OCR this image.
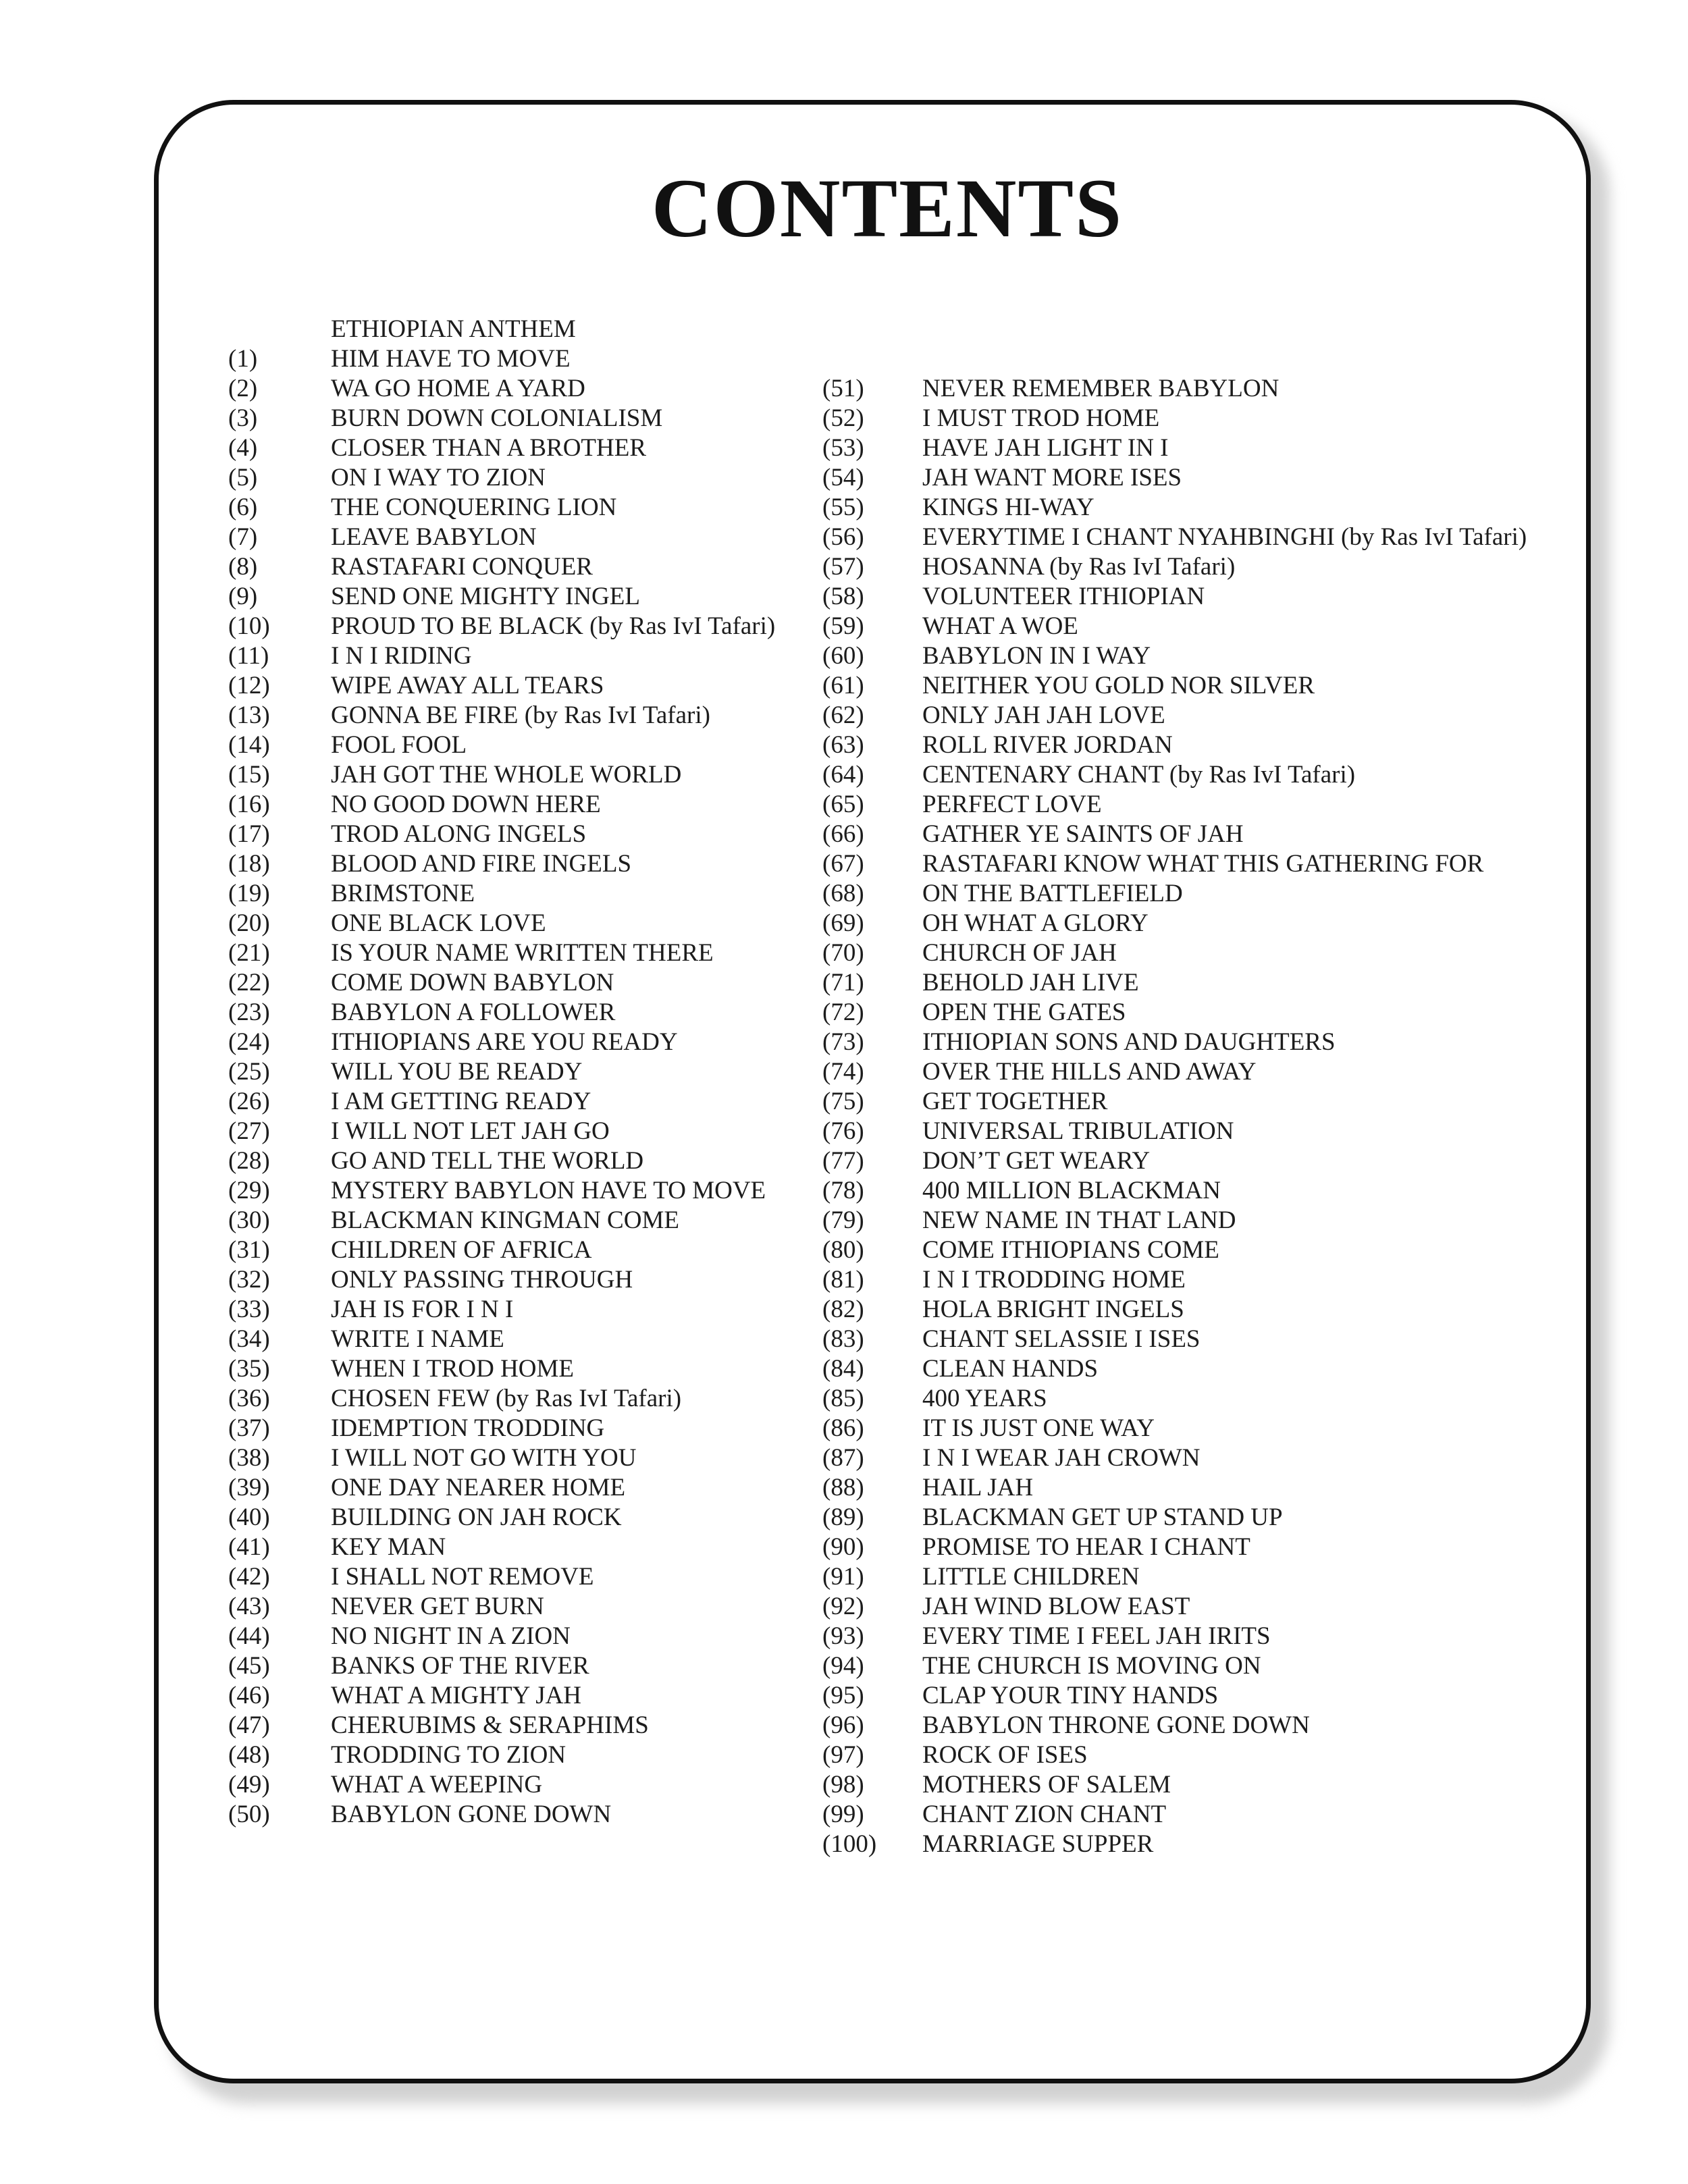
CONTENTS
ETHIOPIAN ANTHEM
(1)	HIM HAVE TO MOVE
(2)	WA GO HOME A YARD
(3)	BURN DOWN COLONIALISM
(4)	CLOSER THAN A BROTHER
(5)	ON I WAY TO ZION
(6)	THE CONQUERING LION
(7)	LEAVE BABYLON
(8)	RASTAFARI CONQUER
(9)	SEND ONE MIGHTY INGEL
(10) PROUD TO BE BLACK (by Ras IvI Tafari)
(11) I N I RIDING
(12) WIPE AWAY ALL TEARS
(13) GONNA BE FIRE (by Ras IvI Tafari)
(14) FOOL FOOL
(15) JAH GOT THE WHOLE WORLD
(16) NO GOOD DOWN HERE
(17) TROD ALONG INGELS
(18) BLOOD AND FIRE INGELS
(19) BRIMSTONE
(20) ONE BLACK LOVE
(21) IS YOUR NAME WRITTEN THERE
(22) COME DOWN BABYLON
(23) BABYLON A FOLLOWER
(24) ITHIOPIANS ARE YOU READY
(25) WILL YOU BE READY
(26) I AM GETTING READY
(27) I WILL NOT LET JAH GO
(28) GO AND TELL THE WORLD
(29) MYSTERY BABYLON HAVE TO MOVE
(30) BLACKMAN KINGMAN COME
(31) CHILDREN OF AFRICA
(32) ONLY PASSING THROUGH
(33) JAH IS FOR I N I
(34) WRITE I NAME
(35) WHEN I TROD HOME
(36) CHOSEN FEW (by Ras IvI Tafari)
(37) IDEMPTION TRODDING
(38) I WILL NOT GO WITH YOU
(39) ONE DAY NEARER HOME
(40) BUILDING ON JAH ROCK
(41) KEY MAN
(42) I SHALL NOT REMOVE
(43) NEVER GET BURN
(44) NO NIGHT IN A ZION
(45) BANKS OF THE RIVER
(46) WHAT A MIGHTY JAH
(47) CHERUBIMS & SERAPHIMS
(48) TRODDING TO ZION
(49) WHAT A WEEPING
(50) BABYLON GONE DOWN
(51) NEVER REMEMBER BABYLON
(52) I MUST TROD HOME
(53) HAVE JAH LIGHT IN I
(54) JAH WANT MORE ISES
(55) KINGS HI-WAY
(56) EVERYTIME I CHANT NYAHBINGHI (by Ras IvI Tafari)
(57) HOSANNA (by Ras IvI Tafari)
(58) VOLUNTEER ITHIOPIAN
(59) WHAT A WOE
(60) BABYLON IN I WAY
(61) NEITHER YOU GOLD NOR SILVER
(62) ONLY JAH JAH LOVE
(63) ROLL RIVER JORDAN
(64) CENTENARY CHANT (by Ras IvI Tafari)
(65) PERFECT LOVE
(66) GATHER YE SAINTS OF JAH
(67) RASTAFARI KNOW WHAT THIS GATHERING FOR
(68) ON THE BATTLEFIELD
(69) OH WHAT A GLORY
(70) CHURCH OF JAH
(71) BEHOLD JAH LIVE
(72) OPEN THE GATES
(73) ITHIOPIAN SONS AND DAUGHTERS
(74) OVER THE HILLS AND AWAY
(75) GET TOGETHER
(76) UNIVERSAL TRIBULATION
(77) DON’T GET WEARY
(78) 400 MILLION BLACKMAN
(79) NEW NAME IN THAT LAND
(80) COME ITHIOPIANS COME
(81) I N I TRODDING HOME
(82) HOLA BRIGHT INGELS
(83) CHANT SELASSIE I ISES
(84) CLEAN HANDS
(85) 400 YEARS
(86) IT IS JUST ONE WAY
(87) I N I WEAR JAH CROWN
(88) HAIL JAH
(89) BLACKMAN GET UP STAND UP
(90) PROMISE TO HEAR I CHANT
(91) LITTLE CHILDREN
(92) JAH WIND BLOW EAST
(93) EVERY TIME I FEEL JAH IRITS
(94) THE CHURCH IS MOVING ON
(95) CLAP YOUR TINY HANDS
(96) BABYLON THRONE GONE DOWN
(97) ROCK OF ISES
(98) MOTHERS OF SALEM
(99) CHANT ZION CHANT
(100) MARRIAGE SUPPER
